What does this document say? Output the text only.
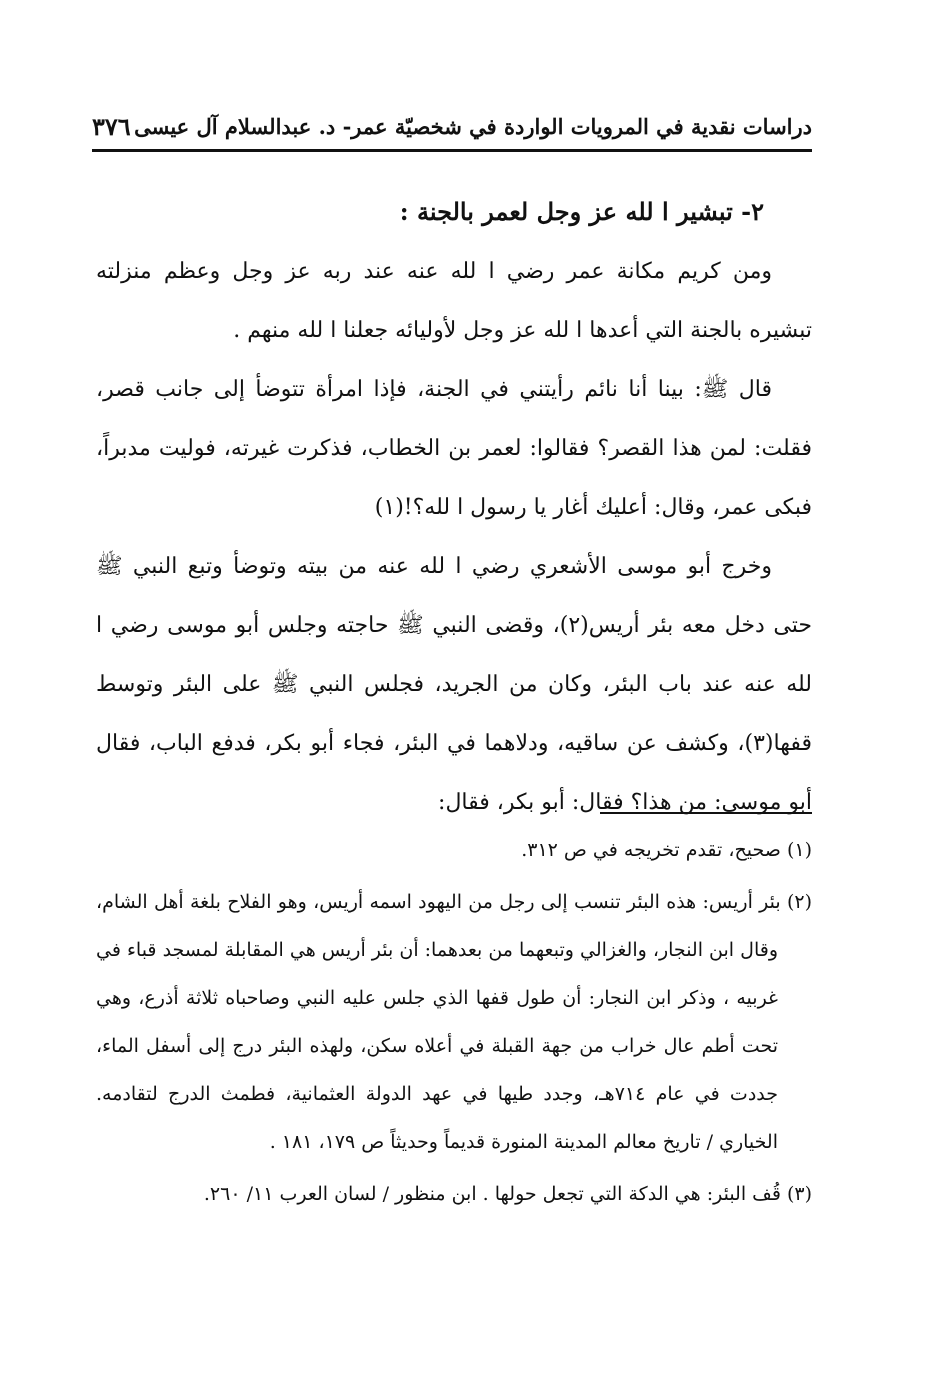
دراسات نقدية في المرويات الواردة في شخصيّة عمر- د. عبدالسلام آل عيسى
٣٧٦
٢- تبشير ا لله عز وجل لعمر بالجنة :

ومن كريم مكانة عمر رضي ا لله عنه عند ربه عز وجل وعظم منزلته تبشيره بالجنة التي أعدها ا لله عز وجل لأوليائه جعلنا ا لله منهم .

قال ﷺ: بينا أنا نائم رأيتني في الجنة، فإذا امرأة تتوضأ إلى جانب قصر، فقلت: لمن هذا القصر؟ فقالوا: لعمر بن الخطاب، فذكرت غيرته، فوليت مدبراً، فبكى عمر، وقال: أعليك أغار يا رسول ا لله؟!(١)

وخرج أبو موسى الأشعري رضي ا لله عنه من بيته وتوضأ وتبع النبي ﷺ حتى دخل معه بئر أريس(٢)، وقضى النبي ﷺ حاجته وجلس أبو موسى رضي ا لله عنه عند باب البئر، وكان من الجريد، فجلس النبي ﷺ على البئر وتوسط قفها(٣)، وكشف عن ساقيه، ودلاهما في البئر، فجاء أبو بكر، فدفع الباب، فقال أبو موسى: من هذا؟ فقال: أبو بكر، فقال:

(١) صحيح، تقدم تخريجه في ص ٣١٢.

(٢) بئر أريس: هذه البئر تنسب إلى رجل من اليهود اسمه أريس، وهو الفلاح بلغة أهل الشام، وقال ابن النجار، والغزالي وتبعهما من بعدهما: أن بئر أريس هي المقابلة لمسجد قباء في غربيه ، وذكر ابن النجار: أن طول قفها الذي جلس عليه النبي وصاحباه ثلاثة أذرع، وهي تحت أطم عال خراب من جهة القبلة في أعلاه سكن، ولهذه البئر درج إلى أسفل الماء، جددت في عام ٧١٤هـ، وجدد طيها في عهد الدولة العثمانية، فطمث الدرج لتقادمه. الخياري / تاريخ معالم المدينة المنورة قديماً وحديثاً ص ١٧٩، ١٨١ .

(٣) قُف البئر: هي الدكة التي تجعل حولها . ابن منظور / لسان العرب ١١/ ٢٦٠.
